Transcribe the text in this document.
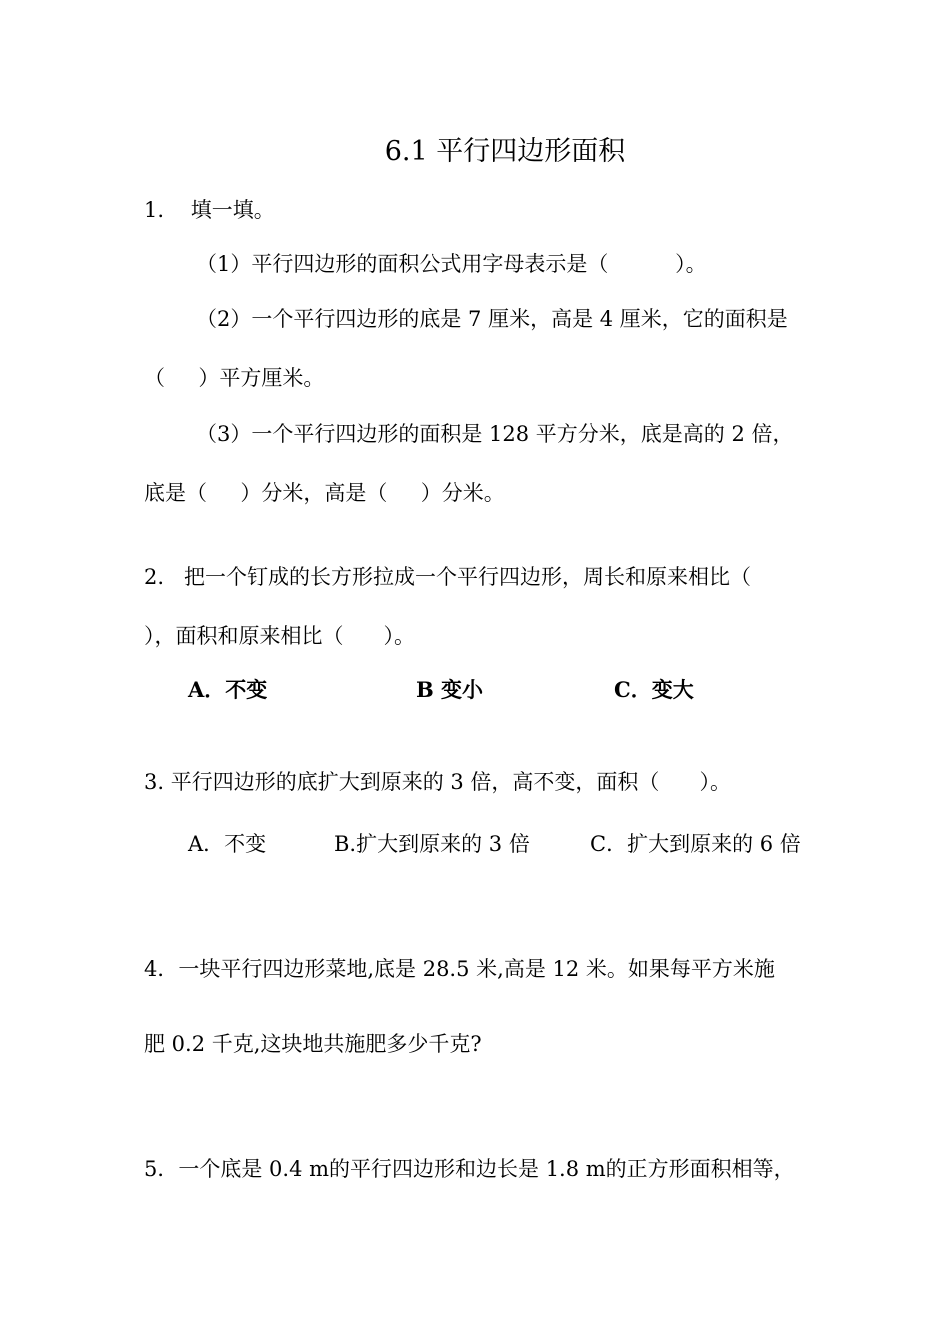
6.1 平行四边形面积

1.    填一填。

（1）平行四边形的面积公式用字母表示是（          ）。

（2）一个平行四边形的底是 7 厘米，高是 4 厘米，它的面积是

（     ）平方厘米。

（3）一个平行四边形的面积是 128 平方分米，底是高的 2 倍，

底是（     ）分米，高是（     ）分米。

2.   把一个钉成的长方形拉成一个平行四边形，周长和原来相比（

），面积和原来相比（      ）。

A．不变	B 变小	C．变大

3. 平行四边形的底扩大到原来的 3 倍，高不变，面积（      ）。

A．不变	B.扩大到原来的 3 倍	C．扩大到原来的 6 倍

4．一块平行四边形菜地,底是 28.5 米,高是 12 米。如果每平方米施

肥 0.2 千克,这块地共施肥多少千克?

5．一个底是 0.4 m的平行四边形和边长是 1.8 m的正方形面积相等，
